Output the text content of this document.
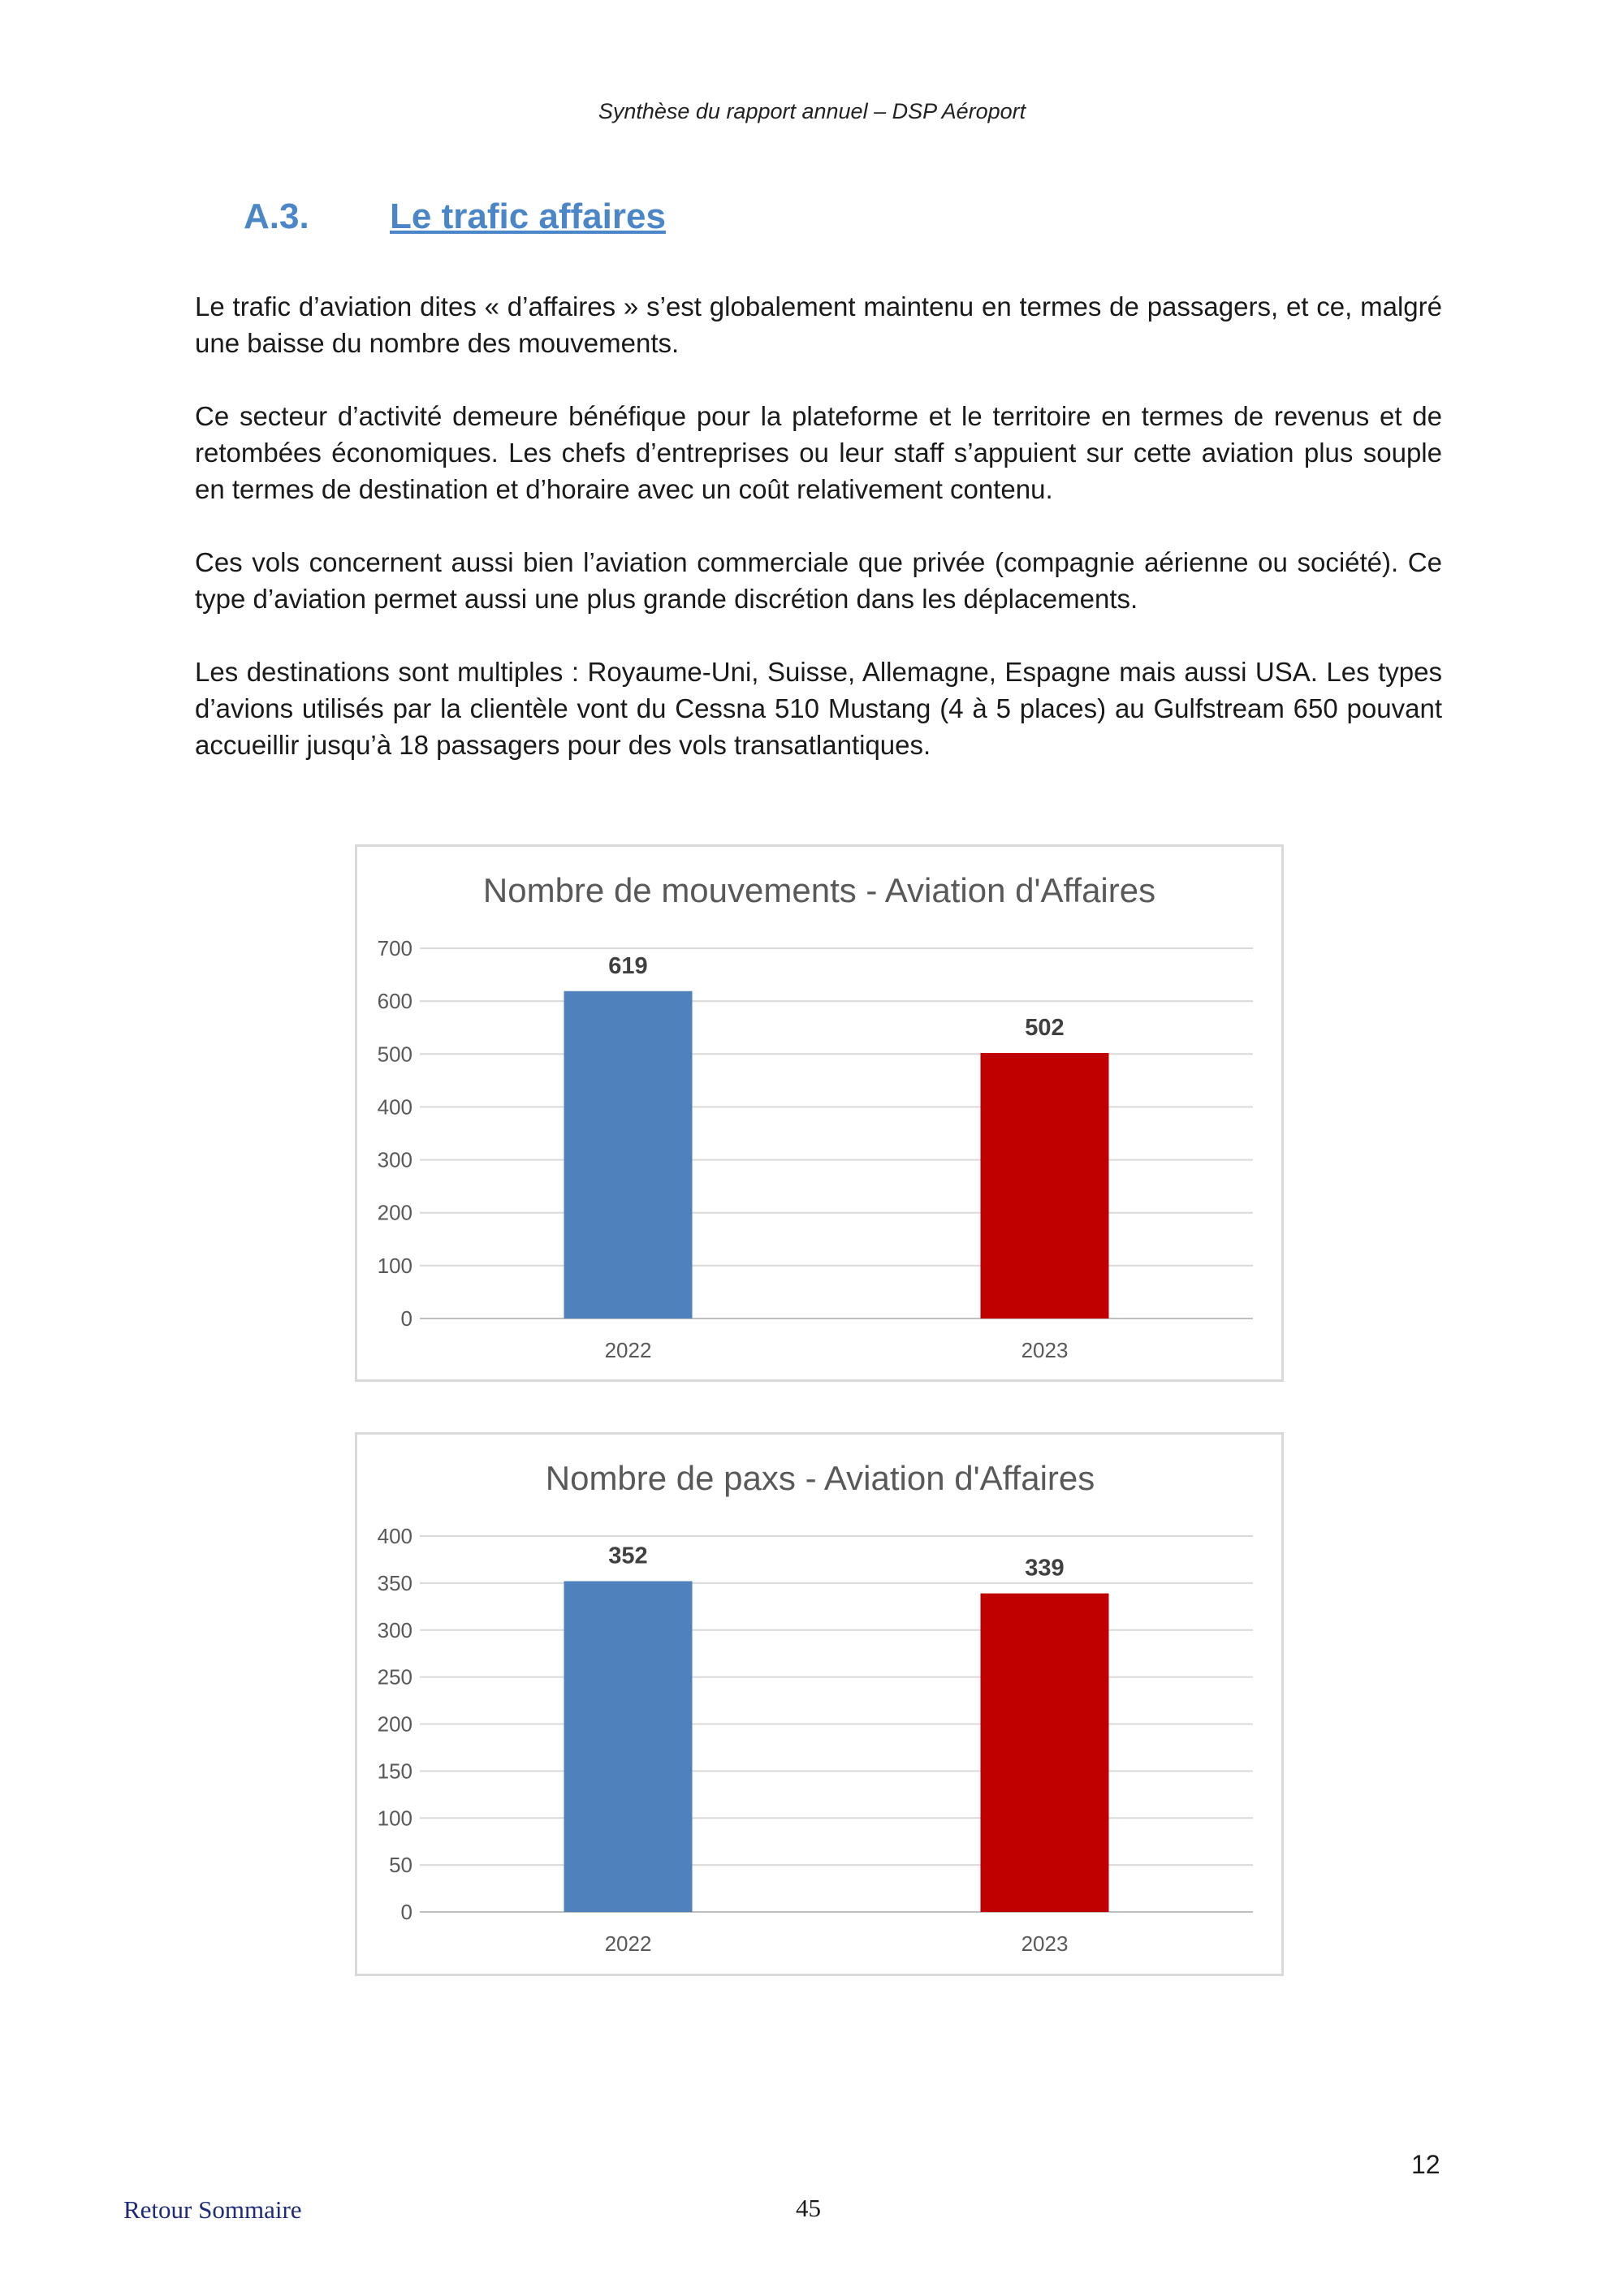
Synthèse du rapport annuel – DSP Aéroport
A.3. Le trafic affaires

Le trafic d’aviation dites « d’affaires » s’est globalement maintenu en termes de passagers, et ce, malgré une baisse du nombre des mouvements.

Ce secteur d’activité demeure bénéfique pour la plateforme et le territoire en termes de revenus et de retombées économiques. Les chefs d’entreprises ou leur staff s’appuient sur cette aviation plus souple en termes de destination et d’horaire avec un coût relativement contenu.

Ces vols concernent aussi bien l’aviation commerciale que privée (compagnie aérienne ou société). Ce type d’aviation permet aussi une plus grande discrétion dans les déplacements.

Les destinations sont multiples : Royaume-Uni, Suisse, Allemagne, Espagne mais aussi USA. Les types d’avions utilisés par la clientèle vont du Cessna 510 Mustang (4 à 5 places) au Gulfstream 650 pouvant accueillir jusqu’à 18 passagers pour des vols transatlantiques.

Nombre de mouvements - Aviation d'Affaires
0
100
200
300
400
500
600
700
619
2022
502
2023
Nombre de paxs - Aviation d'Affaires
0
50
100
150
200
250
300
350
400
352
2022
339
2023
12
Retour Sommaire	45
